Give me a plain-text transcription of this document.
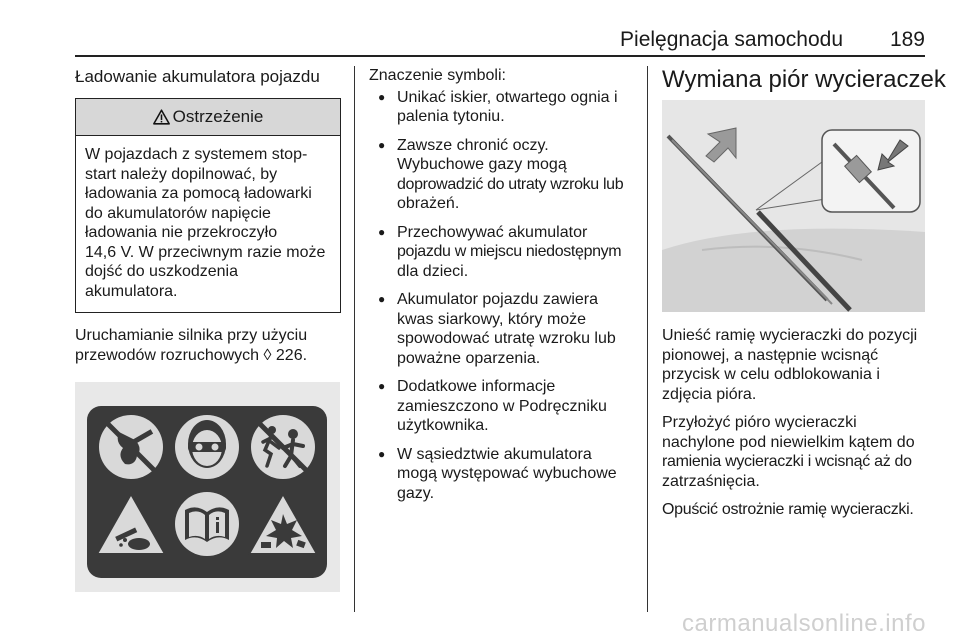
Pielęgnacja samochodu 189
Ładowanie akumulatora pojazdu
Ostrzeżenie
W pojazdach z systemem stop-
start należy dopilnować, by
ładowania za pomocą ładowarki
do akumulatorów napięcie
ładowania nie przekroczyło
14,6 V. W przeciwnym razie może
dojść do uszkodzenia
akumulatora.

Uruchamianie silnika przy użyciu
przewodów rozruchowych ◊ 226.

Znaczenie symboli:

● Unikać iskier, otwartego ognia i
palenia tytoniu.
● Zawsze chronić oczy.
Wybuchowe gazy mogą
doprowadzić do utraty wzroku lub
obrażeń.
● Przechowywać akumulator
pojazdu w miejscu niedostępnym
dla dzieci.
● Akumulator pojazdu zawiera
kwas siarkowy, który może
spowodować utratę wzroku lub
poważne oparzenia.
● Dodatkowe informacje
zamieszczono w Podręczniku
użytkownika.
● W sąsiedztwie akumulatora
mogą występować wybuchowe
gazy.
Wymiana piór wycieraczek

Unieść ramię wycieraczki do pozycji
pionowej, a następnie wcisnąć
przycisk w celu odblokowania i
zdjęcia pióra.

Przyłożyć pióro wycieraczki
nachylone pod niewielkim kątem do
ramienia wycieraczki i wcisnąć aż do
zatrzaśnięcia.

Opuścić ostrożnie ramię wycieraczki.

carmanualsonline.info
